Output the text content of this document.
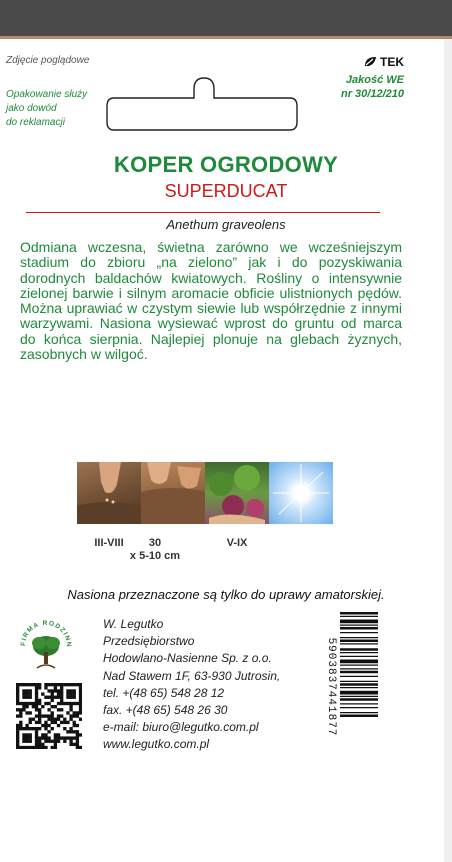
Zdjęcie poglądowe	TEK
Jakość WE
nr 30/12/210
Opakowanie służy
jako dowód
do reklamacji
KOPER OGRODOWY
SUPERDUCAT
Anethum graveolens
Odmiana wczesna, świetna zarówno we wcześniejszym stadium do zbioru „na zielono” jak i do pozyskiwania dorodnych baldachów kwiatowych. Rośliny o intensywnie zielonej barwie i silnym aromacie obficie ulistnionych pędów. Można uprawiać w czystym siewie lub współrzędnie z innymi warzywami. Nasiona wysiewać wprost do gruntu od marca do końca sierpnia. Najlepiej plonuje na glebach żyznych, zasobnych w wilgoć.
III-VIII	30
x 5-10 cm
V-IX
Nasiona przeznaczone są tylko do uprawy amatorskiej.
FIRMA RODZINN
W. Legutko
Przedsiębiorstwo
Hodowlano-Nasienne Sp. z o.o.
Nad Stawem 1F, 63-930 Jutrosin,
tel. +(48 65) 548 28 12
fax. +(48 65) 548 26 30
e-mail: biuro@legutko.com.pl
www.legutko.com.pl
5903837441877
